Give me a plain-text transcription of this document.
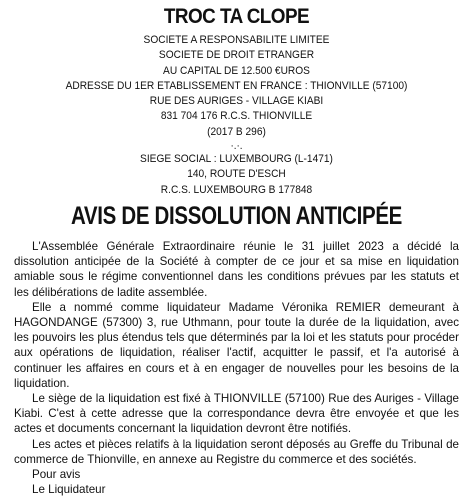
TROC TA CLOPE
SOCIETE A RESPONSABILITE LIMITEE
SOCIETE DE DROIT ETRANGER
AU CAPITAL DE 12.500 €UROS
ADRESSE DU 1ER ETABLISSEMENT EN FRANCE : THIONVILLE (57100)
RUE DES AURIGES - VILLAGE KIABI
831 704 176 R.C.S. THIONVILLE
(2017 B 296)
·.·.
SIEGE SOCIAL : LUXEMBOURG (L-1471)
140, ROUTE D'ESCH
R.C.S. LUXEMBOURG B 177848
AVIS DE DISSOLUTION ANTICIPÉE

L'Assemblée Générale Extraordinaire réunie le 31 juillet 2023 a décidé la dissolution anticipée de la Société à compter de ce jour et sa mise en liquidation amiable sous le régime conventionnel dans les conditions prévues par les statuts et les délibérations de ladite assemblée.

Elle a nommé comme liquidateur Madame Véronika REMIER demeurant à HAGONDANGE (57300) 3, rue Uthmann, pour toute la durée de la liquidation, avec les pouvoirs les plus étendus tels que déterminés par la loi et les statuts pour procéder aux opérations de liquidation, réaliser l'actif, acquitter le passif, et l'a autorisé à continuer les affaires en cours et à en engager de nouvelles pour les besoins de la liquidation.

Le siège de la liquidation est fixé à THIONVILLE (57100) Rue des Auriges - Village Kiabi. C'est à cette adresse que la correspondance devra être envoyée et que les actes et documents concernant la liquidation devront être notifiés.

Les actes et pièces relatifs à la liquidation seront déposés au Greffe du Tribunal de commerce de Thionville, en annexe au Registre du commerce et des sociétés.

Pour avis
Le Liquidateur
